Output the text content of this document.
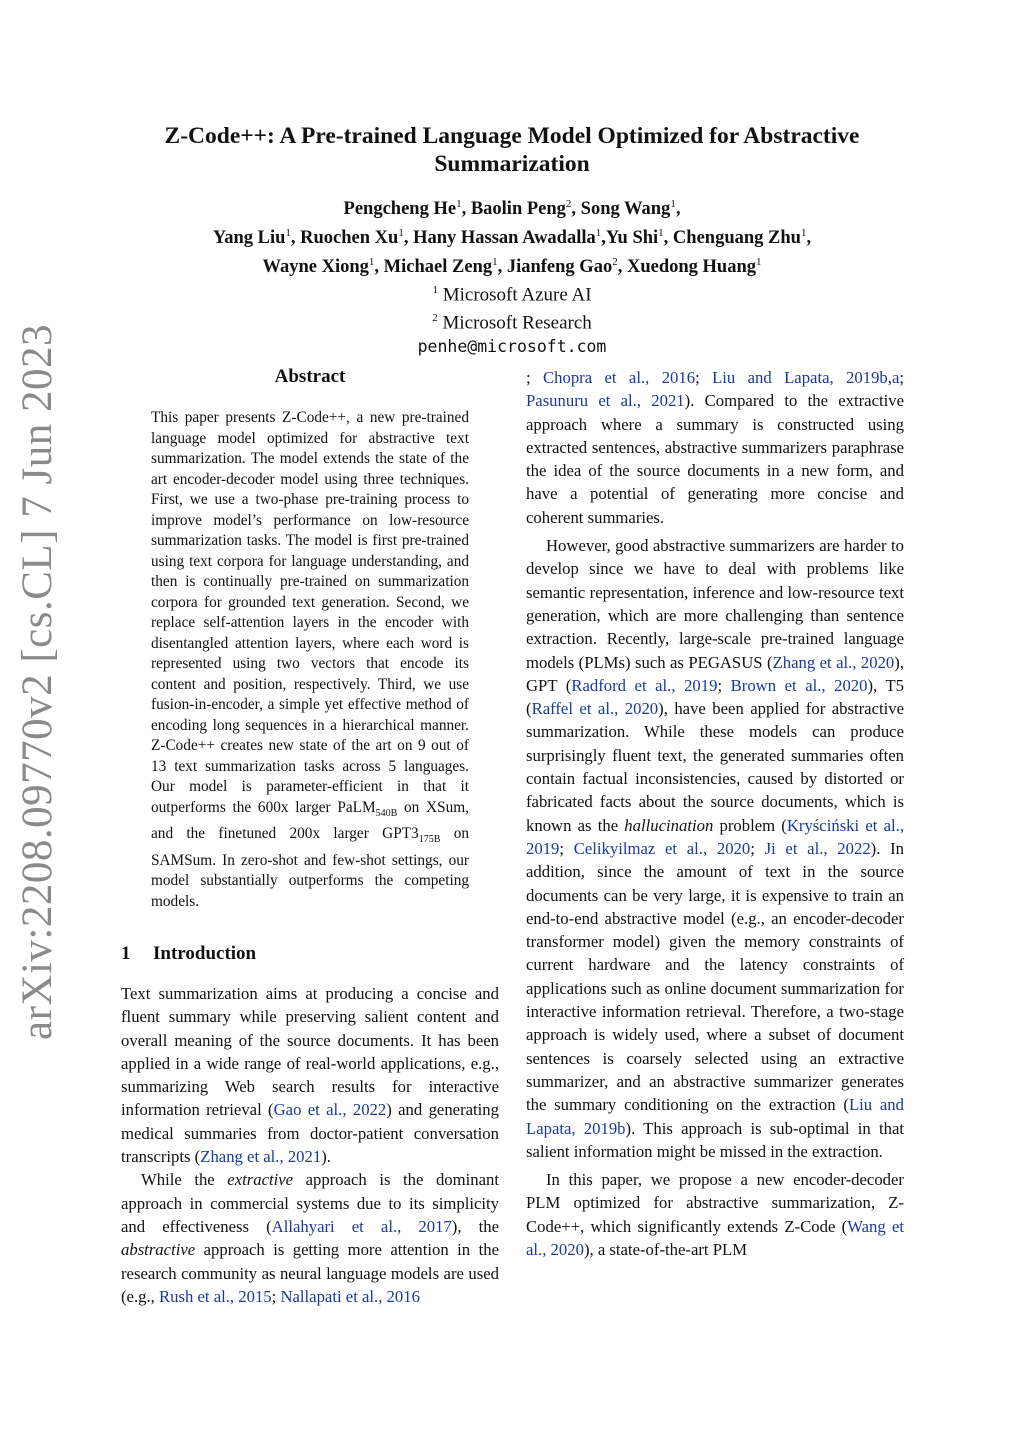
arXiv:2208.09770v2 [cs.CL] 7 Jun 2023
Z-Code++: A Pre-trained Language Model Optimized for Abstractive
Summarization
Pengcheng He$^1$, Baolin Peng$^2$, Song Wang$^1$,
Yang Liu$^1$, Ruochen Xu$^1$, Hany Hassan Awadalla$^1$,Yu Shi$^1$, Chenguang Zhu$^1$,
Wayne Xiong$^1$, Michael Zeng$^1$, Jianfeng Gao$^2$, Xuedong Huang$^1$
$^1$ Microsoft Azure AI
$^2$ Microsoft Research
penhe@microsoft.com
Abstract
This paper presents Z-Code++, a new pre-trained language model optimized for abstractive text summarization. The model extends the state of the art encoder-decoder model using three techniques. First, we use a two-phase pre-training process to improve model’s performance on low-resource summarization tasks. The model is first pre-trained using text corpora for language understanding, and then is continually pre-trained on summarization corpora for grounded text generation. Second, we replace self-attention layers in the encoder with disentangled attention layers, where each word is represented using two vectors that encode its content and position, respectively. Third, we use fusion-in-encoder, a simple yet effective method of encoding long sequences in a hierarchical manner. Z-Code++ creates new state of the art on 9 out of 13 text summarization tasks across 5 languages. Our model is parameter-efficient in that it outperforms the 600x larger PaLM$_{540B}$ on XSum, and the finetuned 200x larger $GPT3_{175B}$ on SAMSum. In zero-shot and few-shot settings, our model substantially outperforms the competing models.
1 Introduction

Text summarization aims at producing a concise and fluent summary while preserving salient content and overall meaning of the source documents. It has been applied in a wide range of real-world applications, e.g., summarizing Web search results for interactive information retrieval (Gao et al., 2022) and generating medical summaries from doctor-patient conversation transcripts (Zhang et al., 2021).

While the extractive approach is the dominant approach in commercial systems due to its simplicity and effectiveness (Allahyari et al., 2017), the abstractive approach is getting more attention in the research community as neural language models are used (e.g., Rush et al., 2015; Nallapati et al., 2016

; Chopra et al., 2016; Liu and Lapata, 2019b,a; Pasunuru et al., 2021). Compared to the extractive approach where a summary is constructed using extracted sentences, abstractive summarizers paraphrase the idea of the source documents in a new form, and have a potential of generating more concise and coherent summaries.

However, good abstractive summarizers are harder to develop since we have to deal with problems like semantic representation, inference and low-resource text generation, which are more challenging than sentence extraction. Recently, large-scale pre-trained language models (PLMs) such as PEGASUS (Zhang et al., 2020), GPT (Radford et al., 2019; Brown et al., 2020), T5 (Raffel et al., 2020), have been applied for abstractive summarization. While these models can produce surprisingly fluent text, the generated summaries often contain factual inconsistencies, caused by distorted or fabricated facts about the source documents, which is known as the hallucination problem (Kryściński et al., 2019; Celikyilmaz et al., 2020; Ji et al., 2022). In addition, since the amount of text in the source documents can be very large, it is expensive to train an end-to-end abstractive model (e.g., an encoder-decoder transformer model) given the memory constraints of current hardware and the latency constraints of applications such as online document summarization for interactive information retrieval. Therefore, a two-stage approach is widely used, where a subset of document sentences is coarsely selected using an extractive summarizer, and an abstractive summarizer generates the summary conditioning on the extraction (Liu and Lapata, 2019b). This approach is sub-optimal in that salient information might be missed in the extraction.

In this paper, we propose a new encoder-decoder PLM optimized for abstractive summarization, Z-Code++, which significantly extends Z-Code (Wang et al., 2020), a state-of-the-art PLM
